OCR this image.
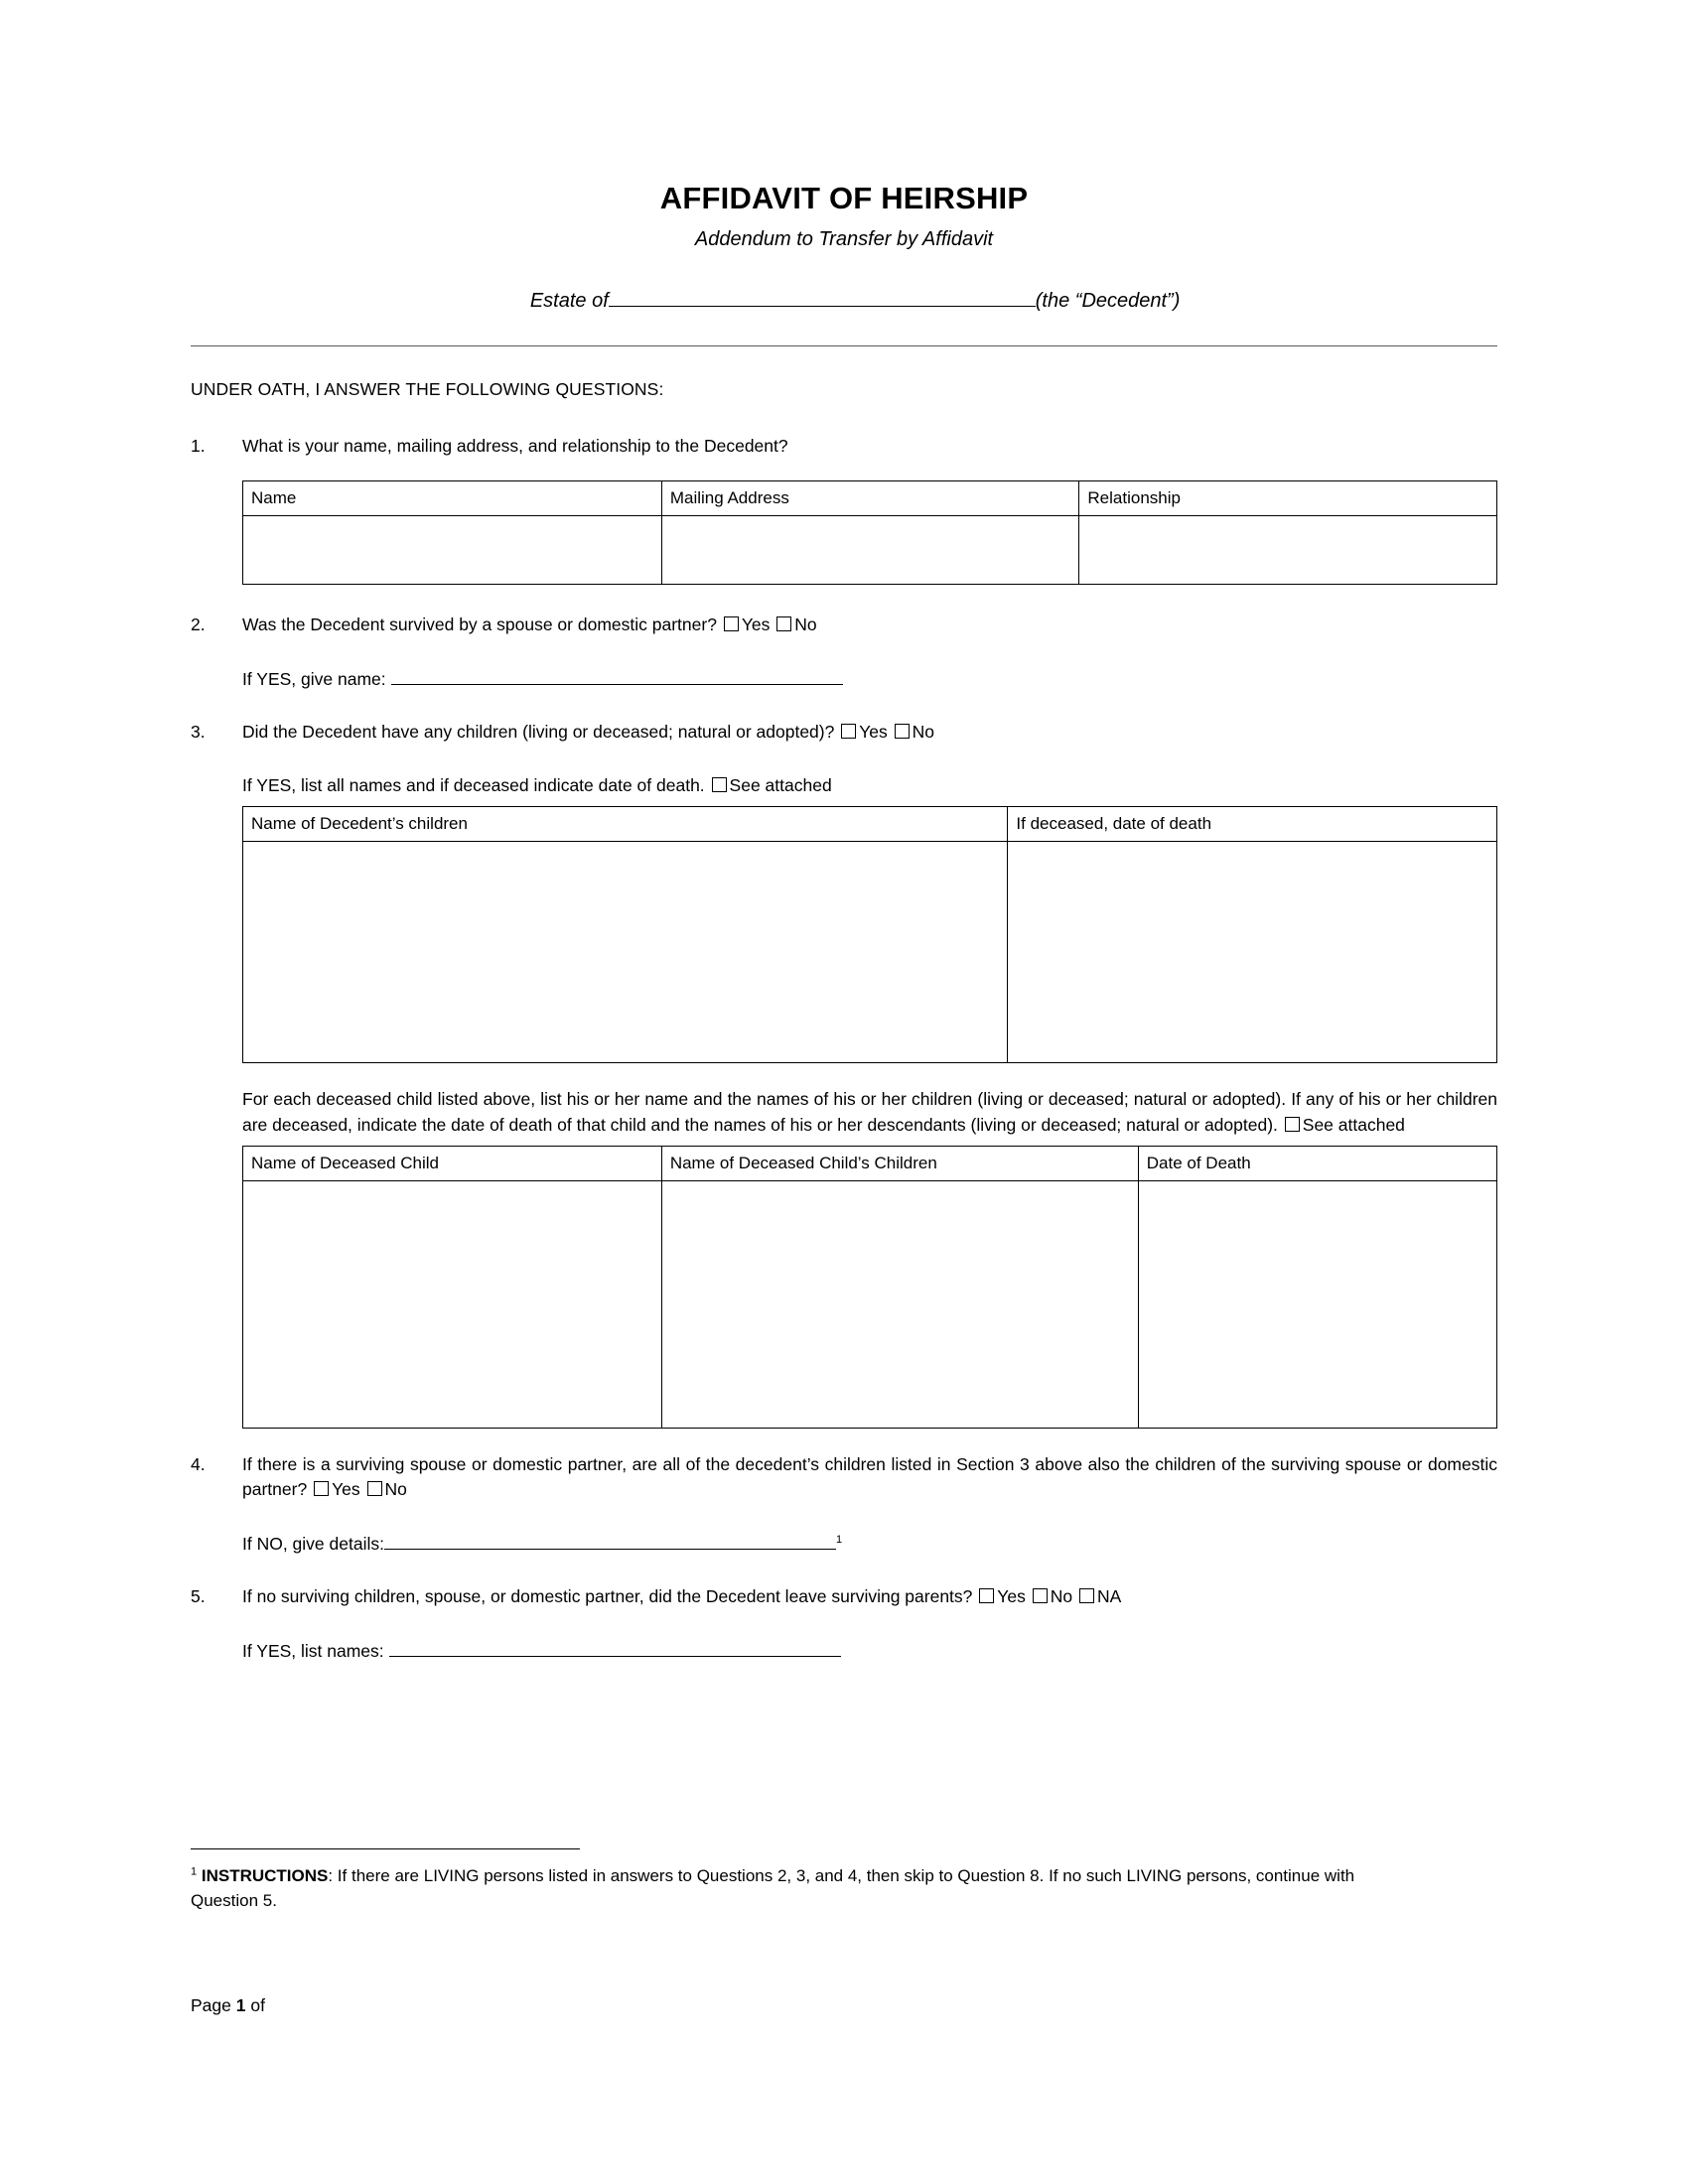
AFFIDAVIT OF HEIRSHIP
Addendum to Transfer by Affidavit

Estate of	(the “Decedent”)

UNDER OATH, I ANSWER THE FOLLOWING QUESTIONS:
1.	What is your name, mailing address, and relationship to the Decedent?
Name	Mailing Address	Relationship

2.	Was the Decedent survived by a spouse or domestic partner? Yes No
If YES, give name:
3.	Did the Decedent have any children (living or deceased; natural or adopted)? Yes No
If YES, list all names and if deceased indicate date of death. See attached
Name of Decedent’s children	If deceased, date of death

For each deceased child listed above, list his or her name and the names of his or her children (living or deceased; natural or adopted). If any of his or her children are deceased, indicate the date of death of that child and the names of his or her descendants (living or deceased; natural or adopted). See attached
Name of Deceased Child	Name of Deceased Child’s Children	Date of Death

4.	If there is a surviving spouse or domestic partner, are all of the decedent’s children listed in Section 3 above also the children of the surviving spouse or domestic partner? Yes No
If NO, give details:	$^1$
5.	If no surviving children, spouse, or domestic partner, did the Decedent leave surviving parents? Yes No NA
If YES, list names:
$^1$ INSTRUCTIONS: If there are LIVING persons listed in answers to Questions 2, 3, and 4, then skip to Question 8. If no such LIVING persons, continue with Question 5.
Page 1 of
